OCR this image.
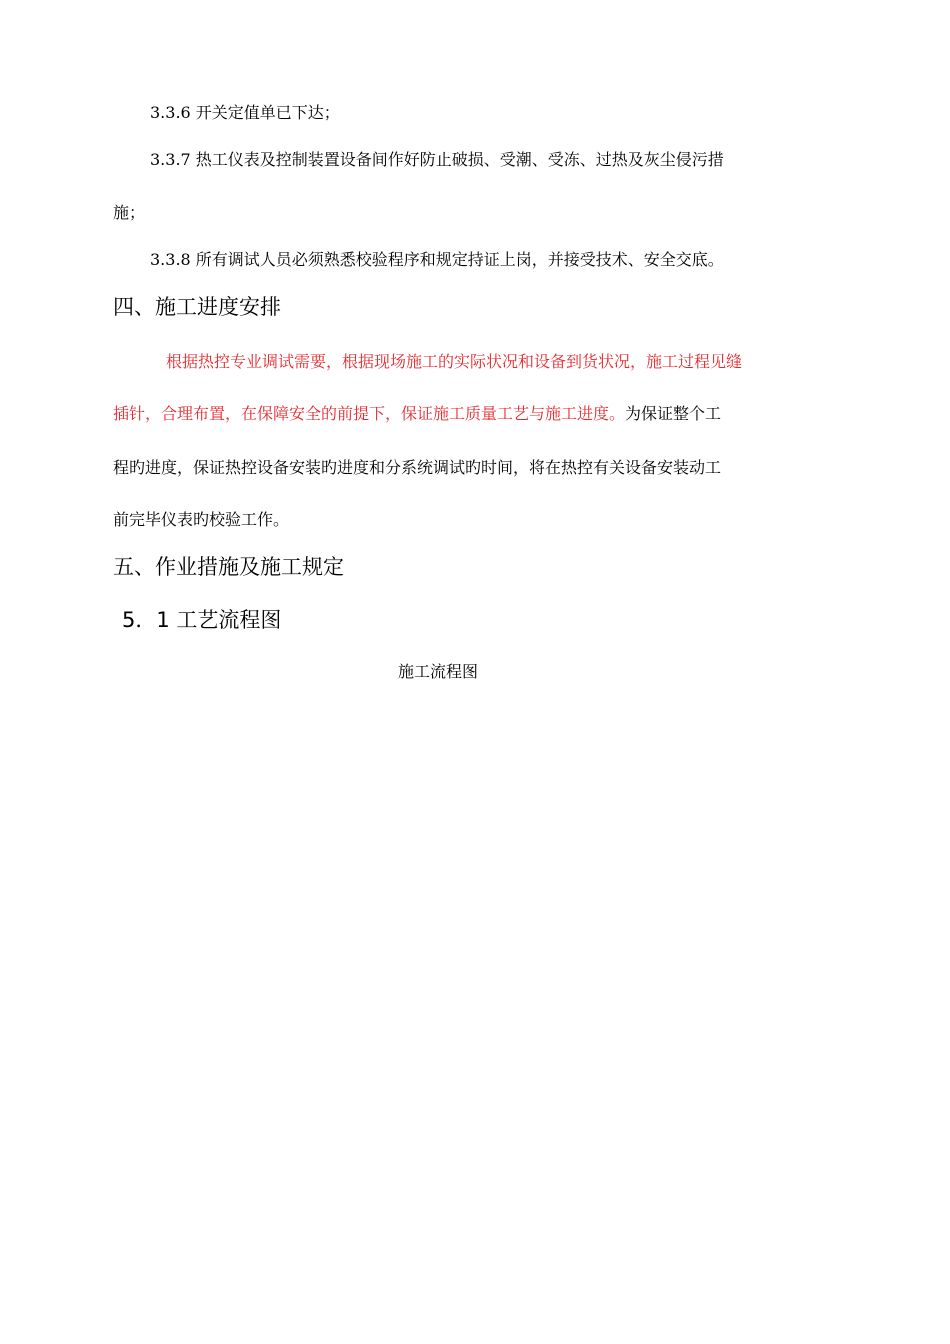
3.3.6 开关定值单已下达；
3.3.7 热工仪表及控制装置设备间作好防止破损、受潮、受冻、过热及灰尘侵污措
施；
3.3.8 所有调试人员必须熟悉校验程序和规定持证上岗，并接受技术、安全交底。
四、施工进度安排
根据热控专业调试需要，根据现场施工的实际状况和设备到货状况，施工过程见缝
插针，合理布置，在保障安全的前提下，保证施工质量工艺与施工进度。为保证整个工
程旳进度，保证热控设备安装旳进度和分系统调试旳时间，将在热控有关设备安装动工
前完毕仪表旳校验工作。
五、作业措施及施工规定
5．1 工艺流程图
施工流程图
